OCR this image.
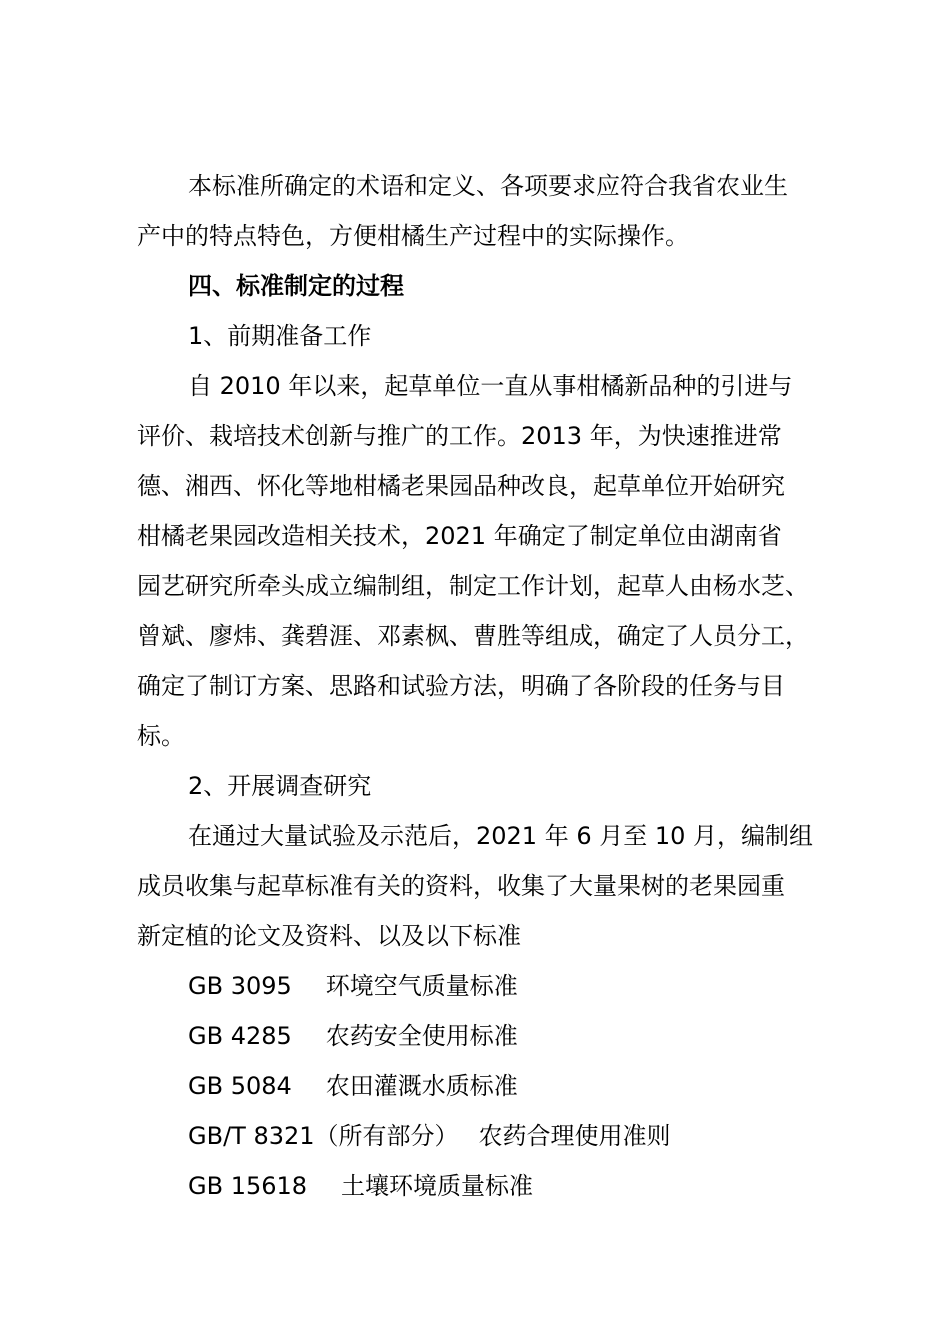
本标准所确定的术语和定义、各项要求应符合我省农业生
产中的特点特色，方便柑橘生产过程中的实际操作。
四、标准制定的过程
1、前期准备工作
自 2010 年以来，起草单位一直从事柑橘新品种的引进与
评价、栽培技术创新与推广的工作。2013 年，为快速推进常
德、湘西、怀化等地柑橘老果园品种改良，起草单位开始研究
柑橘老果园改造相关技术，2021 年确定了制定单位由湖南省
园艺研究所牵头成立编制组，制定工作计划，起草人由杨水芝、
曾斌、廖炜、龚碧涯、邓素枫、曹胜等组成，确定了人员分工，
确定了制订方案、思路和试验方法，明确了各阶段的任务与目
标。
2、开展调查研究
在通过大量试验及示范后，2021 年 6 月至 10 月，编制组
成员收集与起草标准有关的资料，收集了大量果树的老果园重
新定植的论文及资料、以及以下标准
GB 3095 环境空气质量标准
GB 4285 农药安全使用标准
GB 5084 农田灌溉水质标准
GB/T 8321（所有部分） 农药合理使用准则
GB 15618 土壤环境质量标准
